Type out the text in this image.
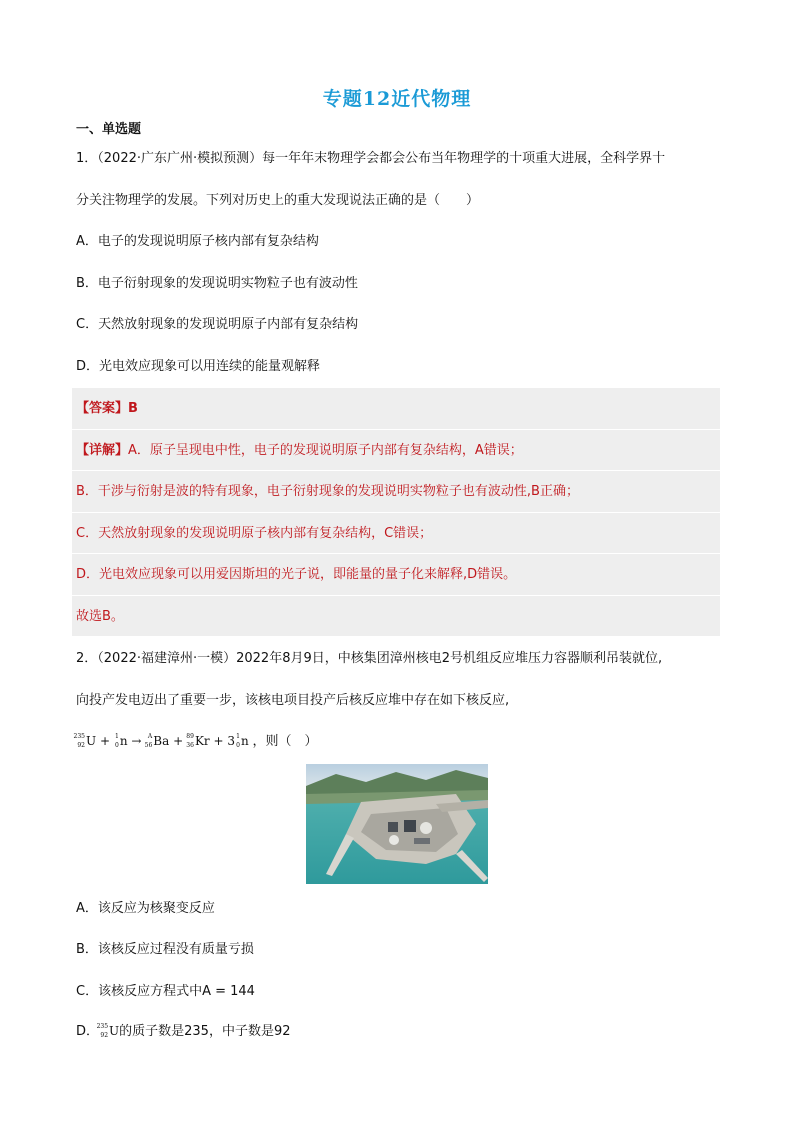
专题12近代物理
一、单选题
1．（2022·广东广州·模拟预测）每一年年末物理学会都会公布当年物理学的十项重大进展，全科学界十
分关注物理学的发展。下列对历史上的重大发现说法正确的是（　　）
A．电子的发现说明原子核内部有复杂结构
B．电子衍射现象的发现说明实物粒子也有波动性
C．天然放射现象的发现说明原子内部有复杂结构
D．光电效应现象可以用连续的能量观解释
【答案】B
【详解】A．原子呈现电中性，电子的发现说明原子内部有复杂结构，A错误；
B．干涉与衍射是波的特有现象，电子衍射现象的发现说明实物粒子也有波动性,B正确；
C．天然放射现象的发现说明原子核内部有复杂结构，C错误；
D．光电效应现象可以用爱因斯坦的光子说，即能量的量子化来解释,D错误。
故选B。
2．（2022·福建漳州·一模）2022年8月9日，中核集团漳州核电2号机组反应堆压力容器顺利吊装就位,
向投产发电迈出了重要一步，该核电项目投产后核反应堆中存在如下核反应,
235
92 U + 1
0 n → A
56 Ba + 89
36 Kr + 3 1
0 n ，则（　）
A．该反应为核聚变反应
B．该核反应过程没有质量亏损
C．该核反应方程式中A = 144
D．
235
92 U的质子数是235，中子数是92
